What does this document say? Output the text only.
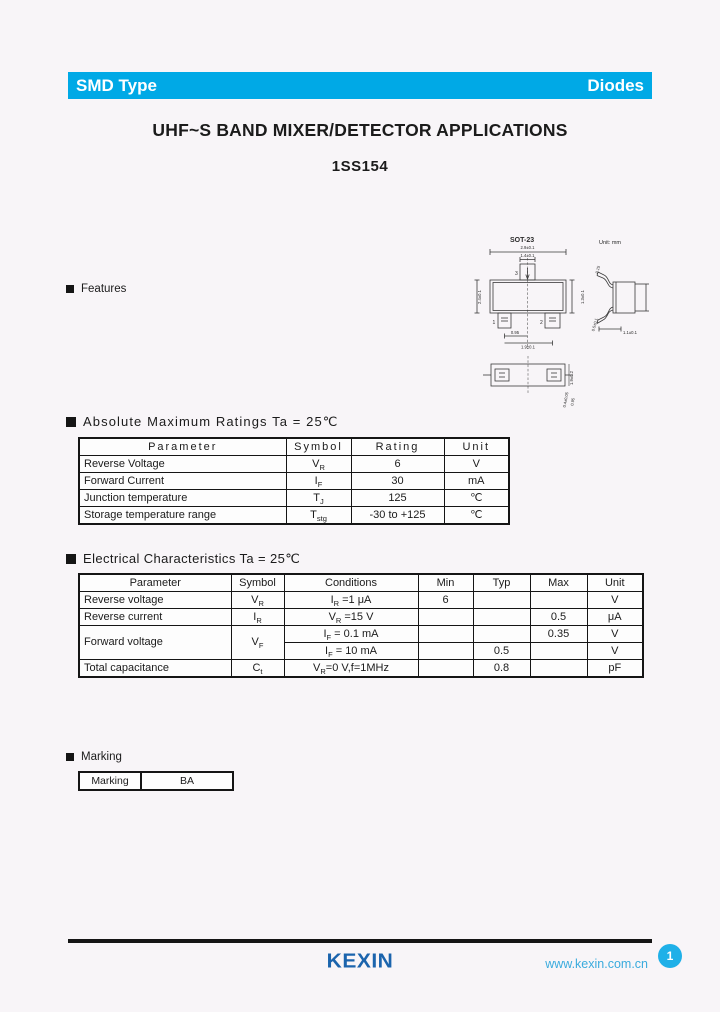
SMD Type	Diodes
UHF~S BAND MIXER/DETECTOR APPLICATIONS
1SS154
Features
SOT-23	Unit: mm
2.9±0.1
1.4±0.1
2.4±0.1	1.3±0.1
0.95
1.9±0.1
3
1	2
0.15
0.5±0.1
1.1±0.1
1.9±0.2
0.4±0.05 0.95
Absolute Maximum Ratings Ta = 25℃
Parameter	Symbol	Rating	Unit
Reverse Voltage	$V_R$	6	V
Forward Current	$I_F$	30	mA
Junction temperature	$T_J$	125	℃
Storage temperature range	$T_{stg}$	-30 to +125	℃
Electrical Characteristics Ta = 25℃
Parameter	Symbol	Conditions	Min	Typ	Max	Unit
Reverse voltage	$V_R$	$I_R =1$ μA	6			V
Reverse current	$I_R$	$V_R =15$ V			0.5	μA
Forward voltage	$V_F$	$I_F = 0.1$ mA			0.35	V
		$I_F = 10$ mA		0.5		V
Total capacitance	$C_t$	$V_R=0$ V,f=1MHz		0.8		pF
Marking
Marking	BA
KEXIN	www.kexin.com.cn
1
